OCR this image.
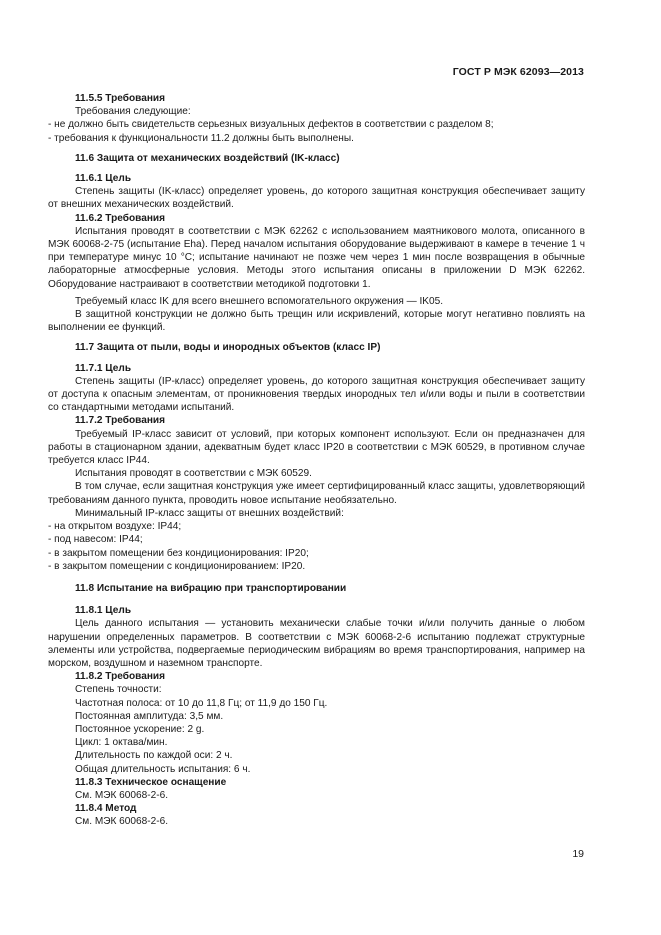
ГОСТ Р МЭК 62093—2013
11.5.5 Требования

Требования следующие:

- не должно быть свидетельств серьезных визуальных дефектов в соответствии с разделом 8;

- требования к функциональности 11.2 должны быть выполнены.

11.6 Защита от механических воздействий (IK-класс)
11.6.1 Цель

Степень защиты (IK-класс) определяет уровень, до которого защитная конструкция обеспечивает защиту от внешних механических воздействий.

11.6.2 Требования

Испытания проводят в соответствии с МЭК 62262 с использованием маятникового молота, описанного в МЭК 60068-2-75 (испытание Eha). Перед началом испытания оборудование выдерживают в камере в течение 1 ч при температуре минус 10 °С; испытание начинают не позже чем через 1 мин после возвращения в обычные лабораторные атмосферные условия. Методы этого испытания описаны в приложении D МЭК 62262. Оборудование настраивают в соответствии методикой подготовки 1.

Требуемый класс IK для всего внешнего вспомогательного окружения — IK05.

В защитной конструкции не должно быть трещин или искривлений, которые могут негативно повлиять на выполнении ее функций.

11.7 Защита от пыли, воды и инородных объектов (класс IP)
11.7.1 Цель

Степень защиты (IP-класс) определяет уровень, до которого защитная конструкция обеспечивает защиту от доступа к опасным элементам, от проникновения твердых инородных тел и/или воды и пыли в соответствии со стандартными методами испытаний.

11.7.2 Требования

Требуемый IP-класс зависит от условий, при которых компонент используют. Если он предназначен для работы в стационарном здании, адекватным будет класс IP20 в соответствии с МЭК 60529, в противном случае требуется класс IP44.

Испытания проводят в соответствии с МЭК 60529.

В том случае, если защитная конструкция уже имеет сертифицированный класс защиты, удовлетворяющий требованиям данного пункта, проводить новое испытание необязательно.

Минимальный IP-класс защиты от внешних воздействий:

- на открытом воздухе: IP44;

- под навесом: IP44;

- в закрытом помещении без кондиционирования: IP20;

- в закрытом помещении с кондиционированием: IP20.

11.8 Испытание на вибрацию при транспортировании
11.8.1 Цель

Цель данного испытания — установить механически слабые точки и/или получить данные о любом нарушении определенных параметров. В соответствии с МЭК 60068-2-6 испытанию подлежат структурные элементы или устройства, подвергаемые периодическим вибрациям во время транспортирования, например на морском, воздушном и наземном транспорте.

11.8.2 Требования

Степень точности:

Частотная полоса: от 10 до 11,8 Гц; от 11,9 до 150 Гц.

Постоянная амплитуда: 3,5 мм.

Постоянное ускорение: 2 g.

Цикл: 1 октава/мин.

Длительность по каждой оси: 2 ч.

Общая длительность испытания: 6 ч.

11.8.3 Техническое оснащение

См. МЭК 60068-2-6.

11.8.4 Метод

См. МЭК 60068-2-6.

19
